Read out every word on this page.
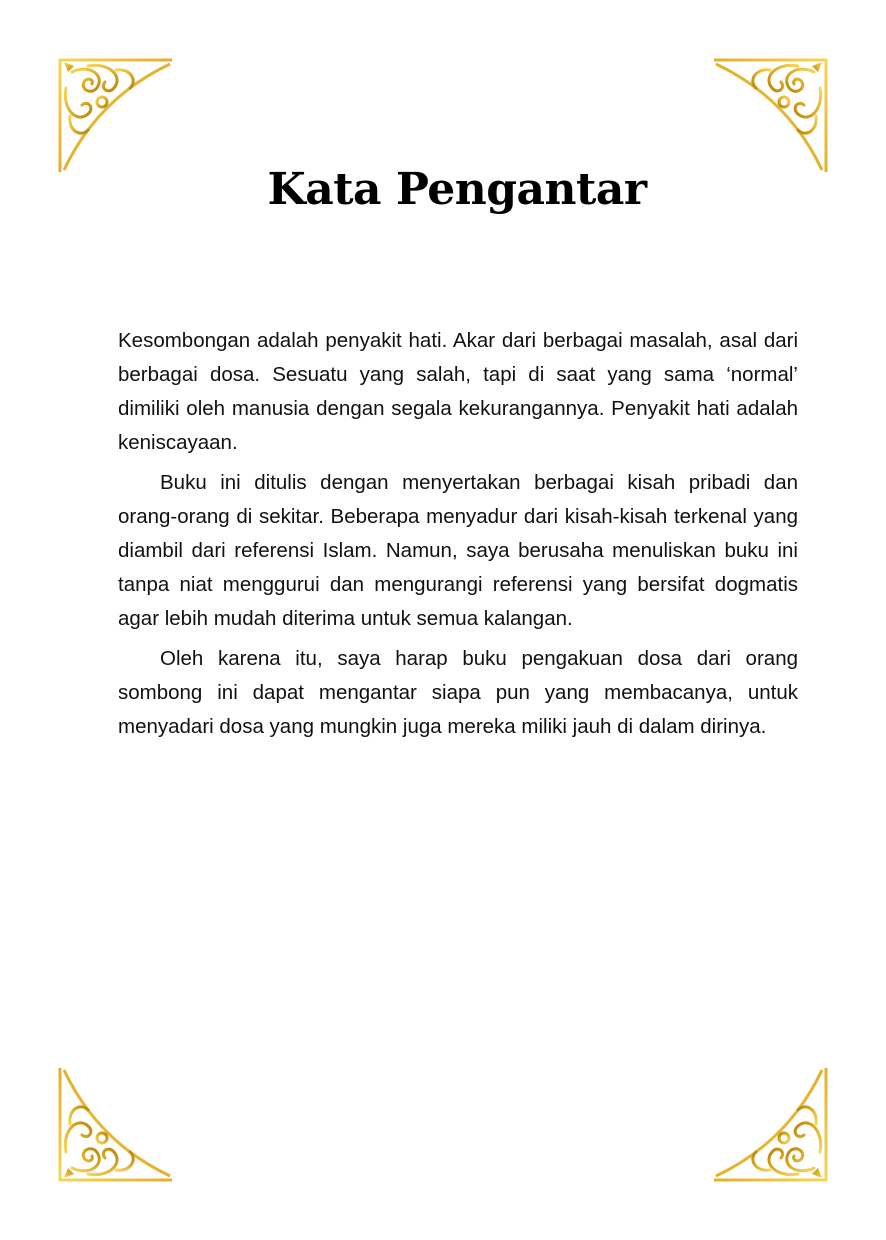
Kata Pengantar

Kesombongan adalah penyakit hati. Akar dari berbagai masalah, asal dari berbagai dosa. Sesuatu yang salah, tapi di saat yang sama ‘normal’ dimiliki oleh manusia dengan segala kekurangannya. Penyakit hati adalah keniscayaan.

Buku ini ditulis dengan menyertakan berbagai kisah pribadi dan orang-orang di sekitar. Beberapa menyadur dari kisah-kisah terkenal yang diambil dari referensi Islam. Namun, saya berusaha menuliskan buku ini tanpa niat menggurui dan mengurangi referensi yang bersifat dogmatis agar lebih mudah diterima untuk semua kalangan.

Oleh karena itu, saya harap buku pengakuan dosa dari orang sombong ini dapat mengantar siapa pun yang membacanya, untuk menyadari dosa yang mungkin juga mereka miliki jauh di dalam dirinya.
